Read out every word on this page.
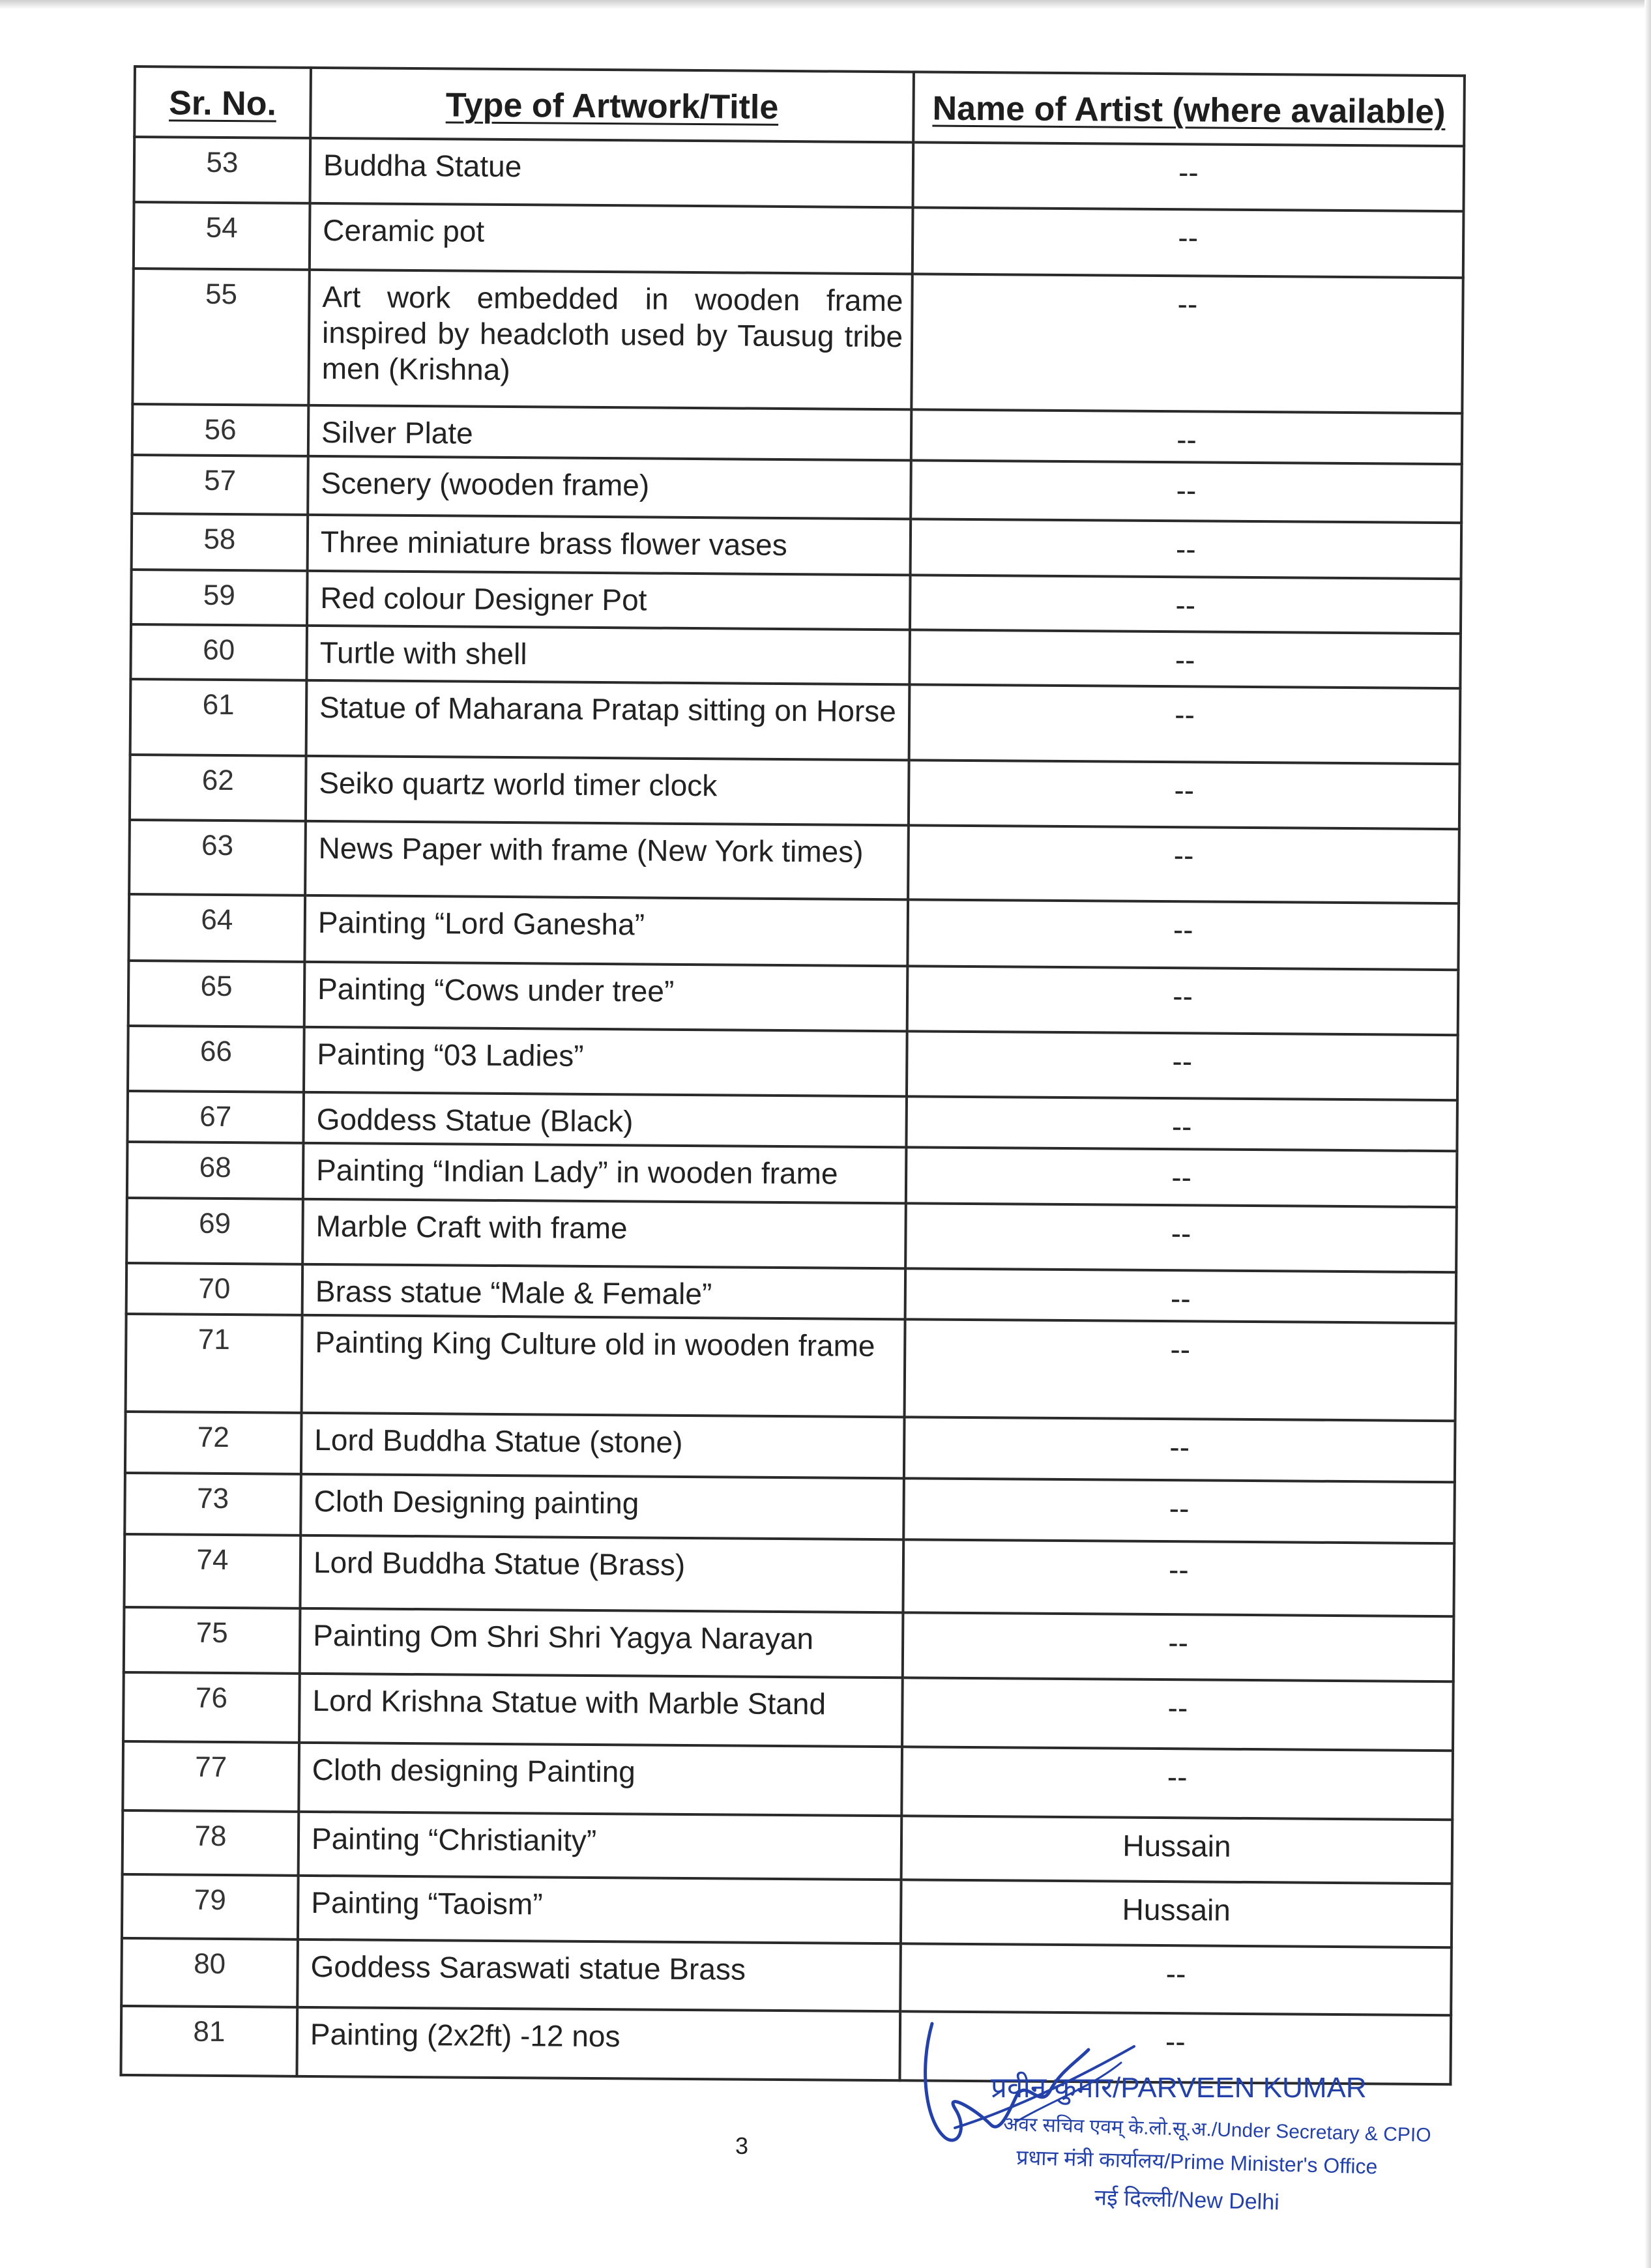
Sr. No.	Type of Artwork/Title	Name of Artist (where available)
53	Buddha Statue	--
54	Ceramic pot	--
55	Art work embedded in wooden frame inspired by headcloth used by Tausug tribe men (Krishna)	--
56	Silver Plate	--
57	Scenery (wooden frame)	--
58	Three miniature brass flower vases	--
59	Red colour Designer Pot	--
60	Turtle with shell	--
61	Statue of Maharana Pratap sitting on Horse	--
62	Seiko quartz world timer clock	--
63	News Paper with frame (New York times)	--
64	Painting “Lord Ganesha”	--
65	Painting “Cows under tree”	--
66	Painting “03 Ladies”	--
67	Goddess Statue (Black)	--
68	Painting “Indian Lady” in wooden frame	--
69	Marble Craft with frame	--
70	Brass statue “Male & Female”	--
71	Painting King Culture old in wooden frame	--
72	Lord Buddha Statue (stone)	--
73	Cloth Designing painting	--
74	Lord Buddha Statue (Brass)	--
75	Painting Om Shri Shri Yagya Narayan	--
76	Lord Krishna Statue with Marble Stand	--
77	Cloth designing Painting	--
78	Painting “Christianity”	Hussain
79	Painting “Taoism”	Hussain
80	Goddess Saraswati statue Brass	--
81	Painting (2x2ft) -12 nos	--
3
प्रवीन कुमार/PARVEEN KUMAR
अवर सचिव एवम् के.लो.सू.अ./Under Secretary & CPIO
प्रधान मंत्री कार्यालय/Prime Minister's Office
नई दिल्ली/New Delhi
